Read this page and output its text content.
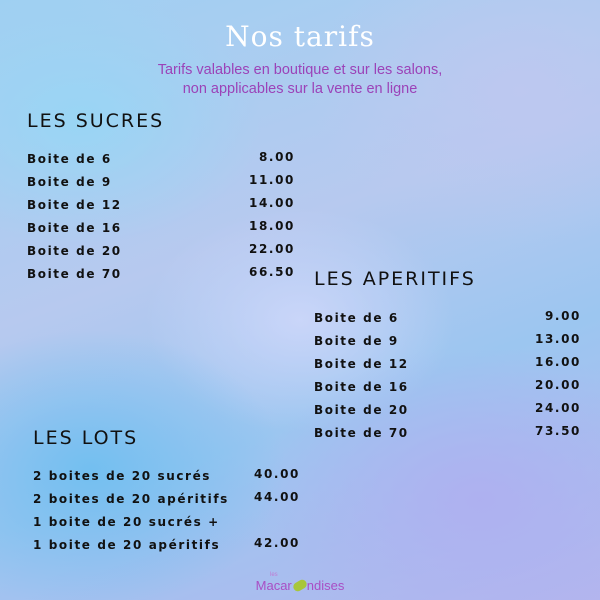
Nos tarifs
Tarifs valables en boutique et sur les salons,
non applicables sur la vente en ligne
LES SUCRES
Boite de 6	8.00
Boite de 9	11.00
Boite de 12	14.00
Boite de 16	18.00
Boite de 20	22.00
Boite de 70	66.50 LES APERITIFS
Boite de 6	9.00
Boite de 9	13.00
Boite de 12	16.00
Boite de 16	20.00
Boite de 20	24.00
Boite de 70	73.50
LES LOTS
2 boites de 20 sucrés	40.00
2 boites de 20 apéritifs 44.00
1 boite de 20 sucrés +
1 boite de 20 apéritifs	42.00
les
Macar ndises
